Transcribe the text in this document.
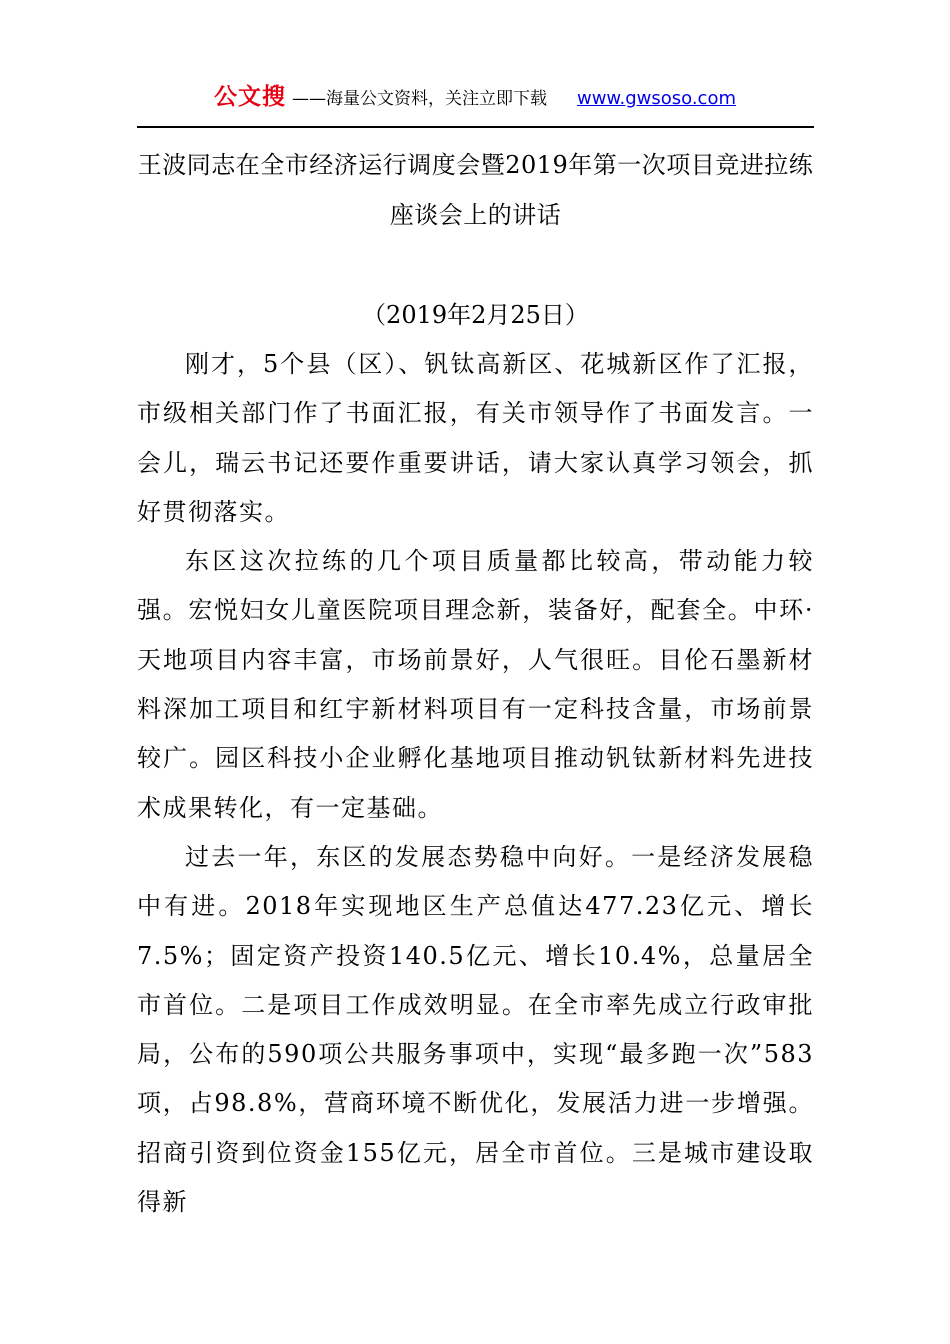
公文搜 ——海量公文资料，关注立即下载 www.gwsoso.com
王波同志在全市经济运行调度会暨2019年第一次项目竞进拉练座谈会上的讲话
（2019年2月25日）

刚才，5个县（区）、钒钛高新区、花城新区作了汇报，市级相关部门作了书面汇报，有关市领导作了书面发言。一会儿，瑞云书记还要作重要讲话，请大家认真学习领会，抓好贯彻落实。

东区这次拉练的几个项目质量都比较高，带动能力较强。宏悦妇女儿童医院项目理念新，装备好，配套全。中环·天地项目内容丰富，市场前景好，人气很旺。目伦石墨新材料深加工项目和红宇新材料项目有一定科技含量，市场前景较广。园区科技小企业孵化基地项目推动钒钛新材料先进技术成果转化，有一定基础。

过去一年，东区的发展态势稳中向好。一是经济发展稳中有进。2018年实现地区生产总值达477.23亿元、增长7.5%；固定资产投资140.5亿元、增长10.4%，总量居全市首位。二是项目工作成效明显。在全市率先成立行政审批局，公布的590项公共服务事项中，实现“最多跑一次”583项，占98.8%，营商环境不断优化，发展活力进一步增强。招商引资到位资金155亿元，居全市首位。三是城市建设取得新
